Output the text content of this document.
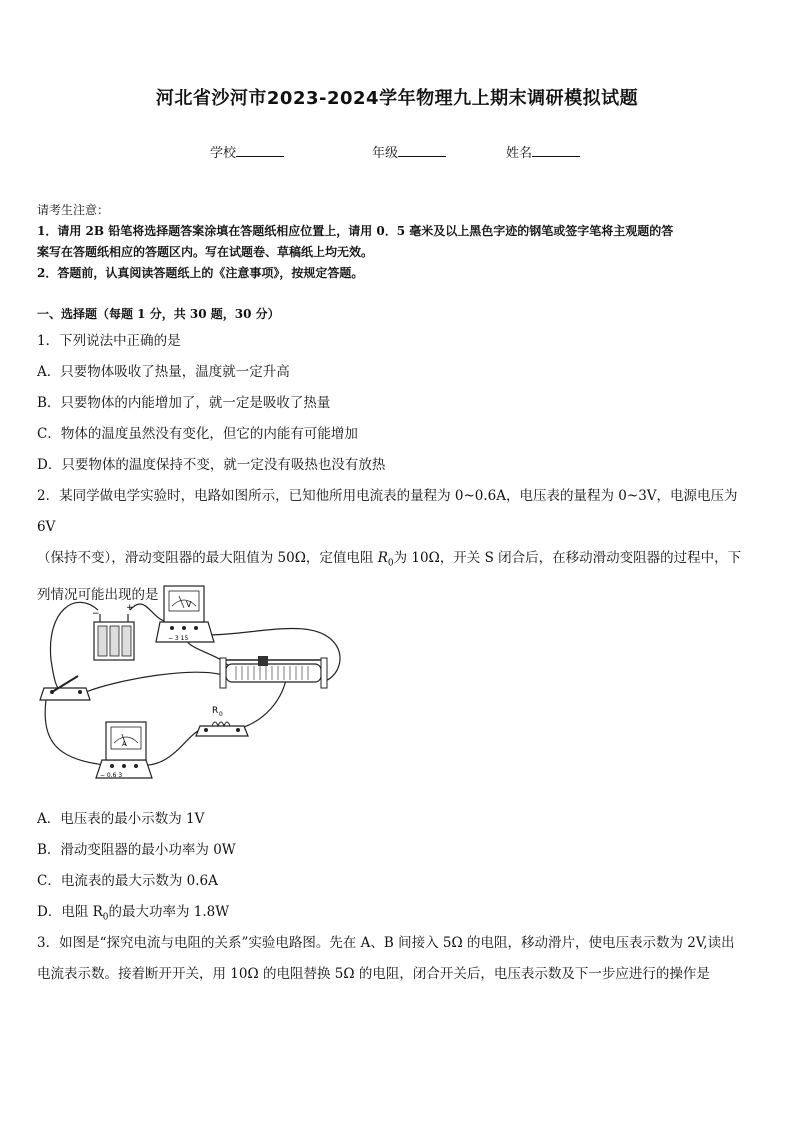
河北省沙河市2023-2024学年物理九上期末调研模拟试题
学校	年级	姓名
请考生注意：
1．请用 2B 铅笔将选择题答案涂填在答题纸相应位置上，请用 0．5 毫米及以上黑色字迹的钢笔或签字笔将主观题的答
案写在答题纸相应的答题区内。写在试题卷、草稿纸上均无效。
2．答题前，认真阅读答题纸上的《注意事项》，按规定答题。
一、选择题（每题 1 分，共 30 题，30 分）
1．下列说法中正确的是
A．只要物体吸收了热量，温度就一定升高
B．只要物体的内能增加了，就一定是吸收了热量
C．物体的温度虽然没有变化，但它的内能有可能增加
D．只要物体的温度保持不变，就一定没有吸热也没有放热
2．某同学做电学实验时，电路如图所示，已知他所用电流表的量程为 0~0.6A，电压表的量程为 0~3V，电源电压为 6V
（保持不变），滑动变阻器的最大阻值为 50Ω，定值电阻 $R_0$为 10Ω，开关 S 闭合后，在移动滑动变阻器的过程中，下
列情况可能出现的是
−
+	V
− 3 15
R 0
A
− 0.6 3
A．电压表的最小示数为 1V
B．滑动变阻器的最小功率为 0W
C．电流表的最大示数为 0.6A
D．电阻 $R_0$的最大功率为 1.8W
3．如图是“探究电流与电阻的关系”实验电路图。先在 A、B 间接入 5Ω 的电阻，移动滑片，使电压表示数为 2V,读出
电流表示数。接着断开开关，用 10Ω 的电阻替换 5Ω 的电阻，闭合开关后，电压表示数及下一步应进行的操作是
